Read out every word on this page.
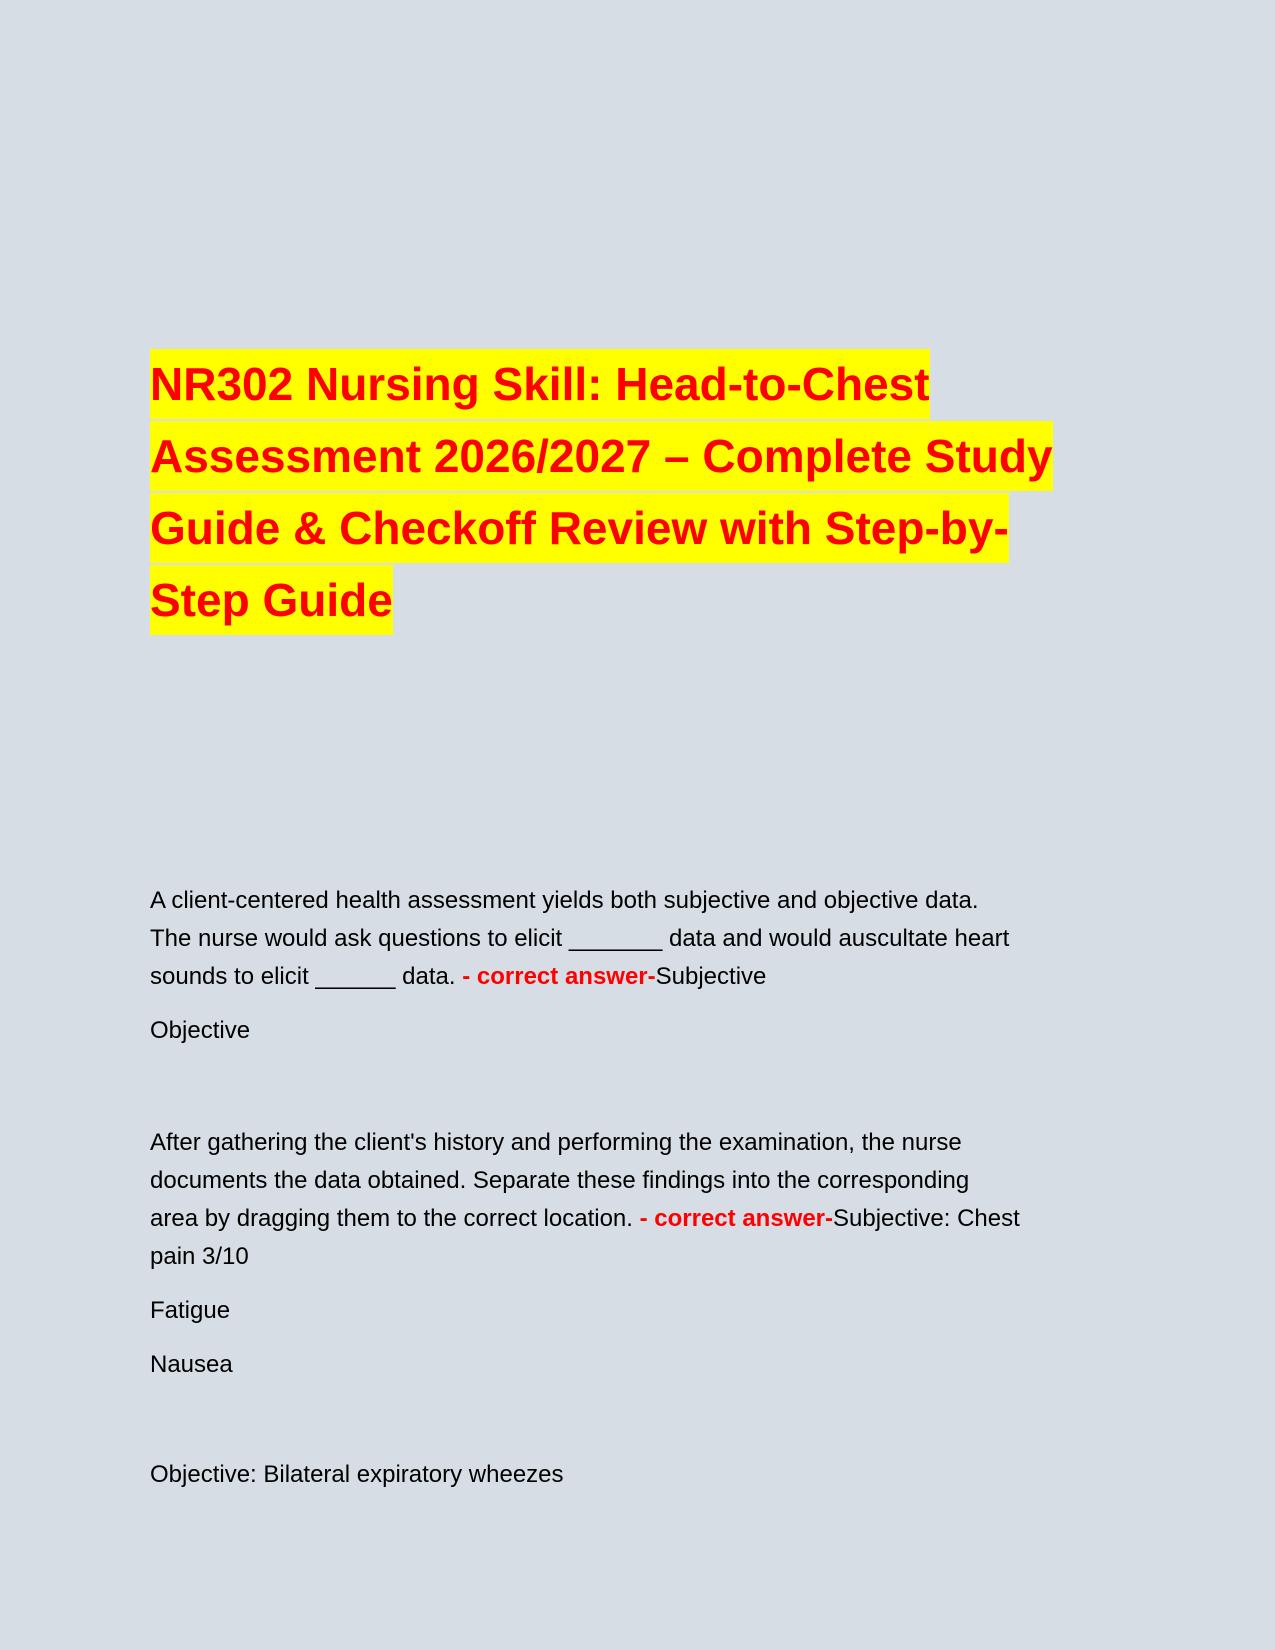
NR302 Nursing Skill: Head-to-Chest
Assessment 2026/2027 – Complete Study
Guide & Checkoff Review with Step-by-
Step Guide
A client-centered health assessment yields both subjective and objective data.
The nurse would ask questions to elicit _______ data and would auscultate heart
sounds to elicit ______ data. - correct answer-Subjective
Objective
After gathering the client's history and performing the examination, the nurse
documents the data obtained. Separate these findings into the corresponding
area by dragging them to the correct location. - correct answer-Subjective: Chest
pain 3/10
Fatigue
Nausea
Objective: Bilateral expiratory wheezes
